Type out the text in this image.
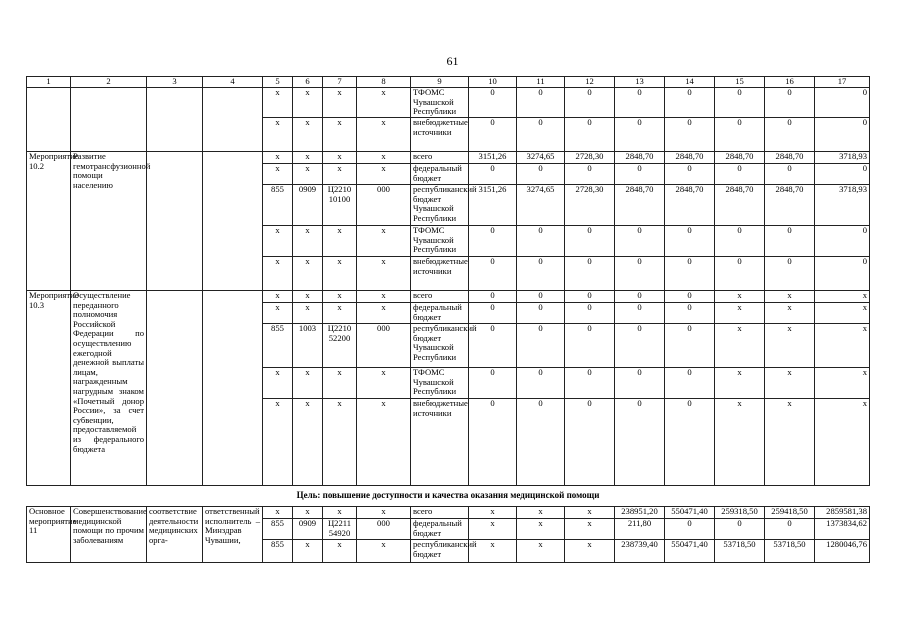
61
1	2	3	4	5	6	7	8	9	10	11	12	13	14	15	16	17
				х	х	х	х	ТФОМС Чувашской Республики	0	0	0	0	0	0	0	0
				х	х	х	х	внебюджетные источники	0	0	0	0	0	0	0	0
Мероприятие 10.2	Развитие гемотрансфузионной помощи населению			х	х	х	х	всего	3151,26	3274,65	2728,30	2848,70	2848,70	2848,70	2848,70	3718,93
				х	х	х	х	федеральный бюджет	0	0	0	0	0	0	0	0
				855	0909	Ц2210 10100	000	республиканский бюджет Чувашской Республики	3151,26	3274,65	2728,30	2848,70	2848,70	2848,70	2848,70	3718,93
				х	х	х	х	ТФОМС Чувашской Республики	0	0	0	0	0	0	0	0
				х	х	х	х	внебюджетные источники	0	0	0	0	0	0	0	0
Мероприятие 10.3	Осуществление переданного полномочия Российской Федерации по осуществлению ежегодной денежной выплаты лицам, награжденным нагрудным знаком «Почетный донор России», за счет субвенции, предоставляемой из федерального бюджета			х	х	х	х	всего	0	0	0	0	0	х	х	х
				х	х	х	х	федеральный бюджет	0	0	0	0	0	х	х	х
				855	1003	Ц2210 52200	000	республиканский бюджет Чувашской Республики	0	0	0	0	0	х	х	х
				х	х	х	х	ТФОМС Чувашской Республики	0	0	0	0	0	х	х	х
				х	х	х	х	внебюджетные источники	0	0	0	0	0	х	х	х
Цель: повышение доступности и качества оказания медицинской помощи																
Основное мероприятие 11	Совершенствование медицинской помощи по прочим заболеваниям	соответствие деятельности медицинских орга-	ответственный исполнитель – Минздрав Чувашии,	х	х	х	х	всего	х	х	х	238951,20	550471,40	259318,50	259418,50	2859581,38
				855	0909	Ц2211 54920	000	федеральный бюджет	х	х	х	211,80	0	0	0	1373834,62
				855	х	х	х	республиканский бюджет	х	х	х	238739,40	550471,40	53718,50	53718,50	1280046,76
